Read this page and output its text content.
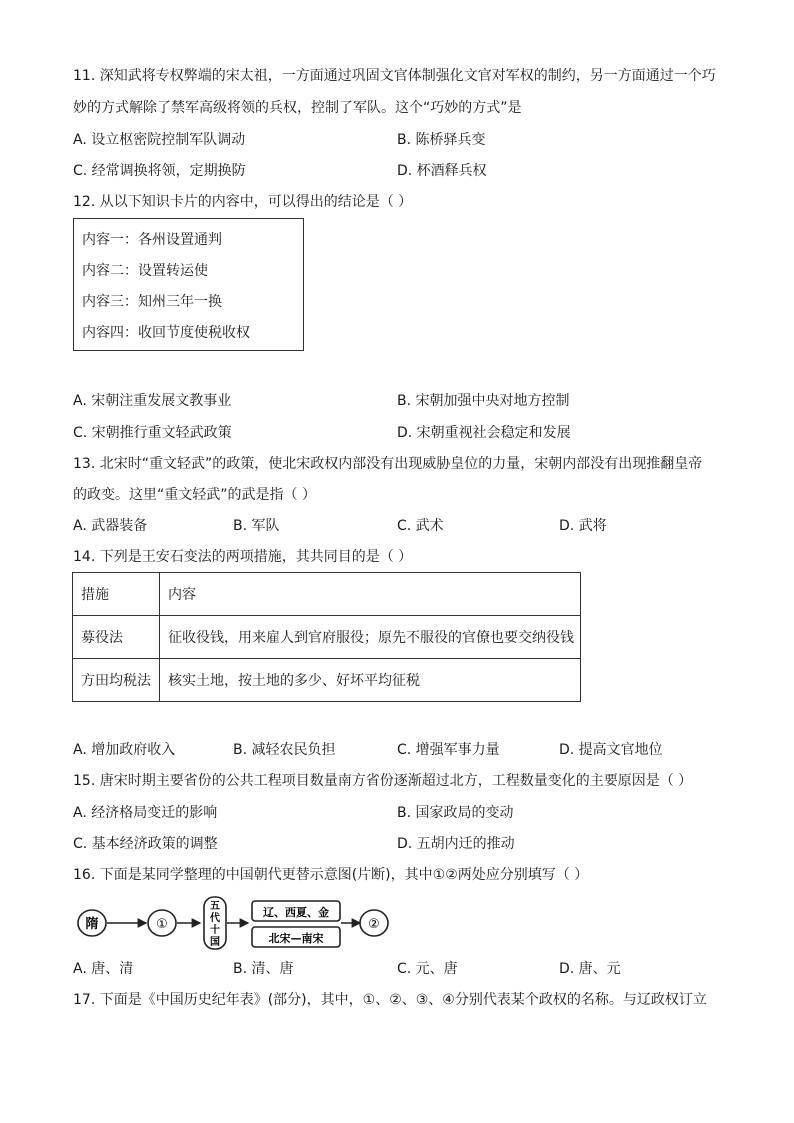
11. 深知武将专权弊端的宋太祖，一方面通过巩固文官体制强化文官对军权的制约，另一方面通过一个巧
妙的方式解除了禁军高级将领的兵权，控制了军队。这个“巧妙的方式”是
A. 设立枢密院控制军队调动	B. 陈桥驿兵变
C. 经常调换将领，定期换防	D. 杯酒释兵权
12. 从以下知识卡片的内容中，可以得出的结论是（ ）
内容一：各州设置通判
内容二：设置转运使
内容三：知州三年一换
内容四：收回节度使税收权
A. 宋朝注重发展文教事业	B. 宋朝加强中央对地方控制
C. 宋朝推行重文轻武政策	D. 宋朝重视社会稳定和发展
13. 北宋时“重文轻武”的政策，使北宋政权内部没有出现威胁皇位的力量，宋朝内部没有出现推翻皇帝
的政变。这里“重文轻武”的武是指（ ）
A. 武器装备	B. 军队	C. 武术	D. 武将
14. 下列是王安石变法的两项措施，其共同目的是（ ）
措施	内容
募役法	征收役钱，用来雇人到官府服役；原先不服役的官僚也要交纳役钱
方田均税法	核实土地，按土地的多少、好坏平均征税
A. 增加政府收入	B. 减轻农民负担	C. 增强军事力量	D. 提高文官地位
15. 唐宋时期主要省份的公共工程项目数量南方省份逐渐超过北方，工程数量变化的主要原因是（ ）
A. 经济格局变迁的影响	B. 国家政局的变动
C. 基本经济政策的调整	D. 五胡内迁的推动
16. 下面是某同学整理的中国朝代更替示意图(片断)，其中①②两处应分别填写（ ）
隋	①
五
代
十
国
辽、西夏、金
北宋—南宋
②
A. 唐、清	B. 清、唐	C. 元、唐	D. 唐、元
17. 下面是《中国历史纪年表》(部分)，其中，①、②、③、④分别代表某个政权的名称。与辽政权订立
